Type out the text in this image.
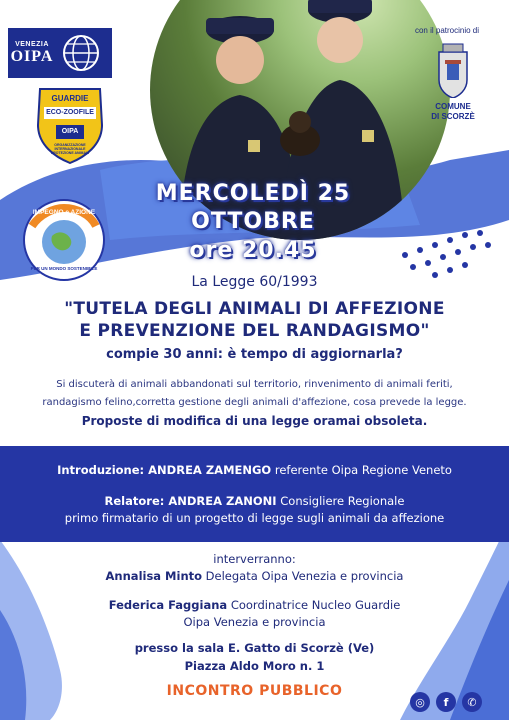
VENEZIA
OIPA
GUARDIE
ECO-ZOOFILE
OIPA
ORGANIZZAZIONE INTERNAZIONALE PROTEZIONE ANIMALI
con il patrocinio di
COMUNE
DI SCORZÈ
IMPEGNO e AZIONE
PER UN MONDO SOSTENIBILE
MERCOLEDÌ 25 OTTOBRE
ore 20.45
La Legge 60/1993
"TUTELA DEGLI ANIMALI DI AFFEZIONE
E PREVENZIONE DEL RANDAGISMO"
compie 30 anni: è tempo di aggiornarla?
Si discuterà di animali abbandonati sul territorio, rinvenimento di animali feriti,
randagismo felino,corretta gestione degli animali d'affezione, cosa prevede la legge.
Proposte di modifica di una legge oramai obsoleta.
Introduzione: ANDREA ZAMENGO referente Oipa Regione Veneto
Relatore: ANDREA ZANONI Consigliere Regionale
primo firmatario di un progetto di legge sugli animali da affezione
interverranno:
Annalisa Minto Delegata Oipa Venezia e provincia
Federica Faggiana Coordinatrice Nucleo Guardie
Oipa Venezia e provincia
presso la sala E. Gatto di Scorzè (Ve)
Piazza Aldo Moro n. 1
INCONTRO PUBBLICO
◎	f	✆
